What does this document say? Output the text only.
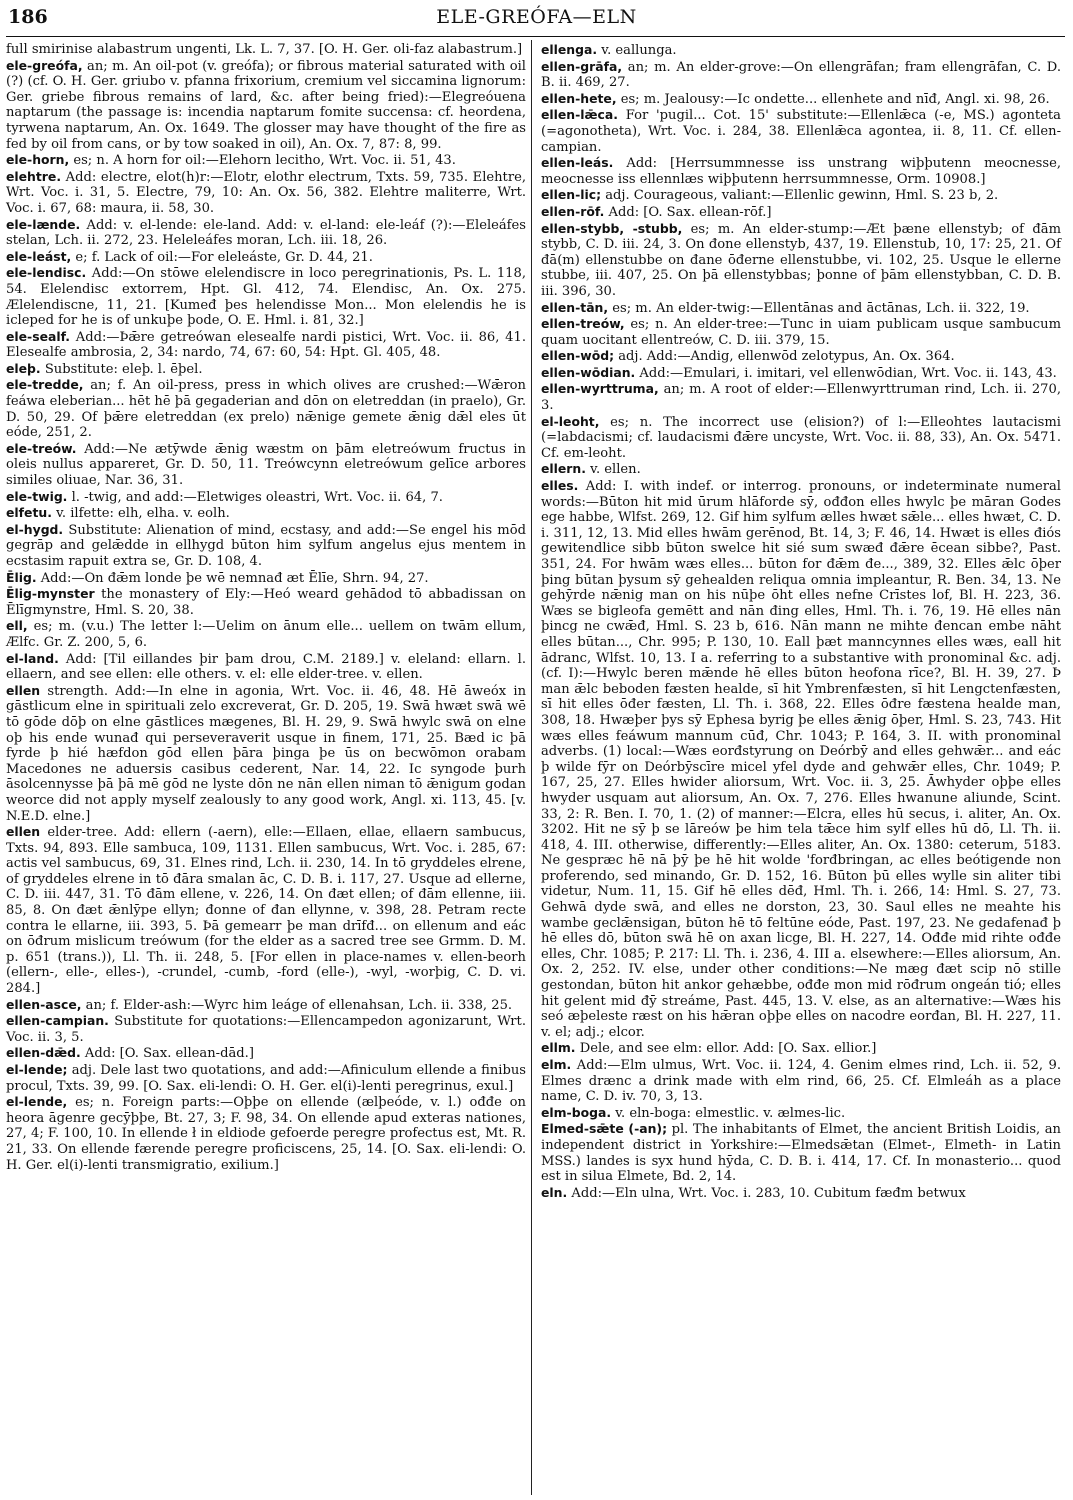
186	ELE-GREÓFA—ELN

full smirinise alabastrum ungenti, Lk. L. 7, 37. [O. H. Ger. oli-faz alabastrum.]

ele-greófa, an; m. An oil-pot (v. greófa); or fibrous material saturated with oil (?) (cf. O. H. Ger. griubo v. pfanna frixorium, cremium vel siccamina lignorum: Ger. griebe fibrous remains of lard, &c. after being fried):—Elegreóuena naptarum (the passage is: incendia naptarum fomite succensa: cf. heordena, tyrwena naptarum, An. Ox. 1649. The glosser may have thought of the fire as fed by oil from cans, or by tow soaked in oil), An. Ox. 7, 87: 8, 99.

ele-horn, es; n. A horn for oil:—Elehorn lecitho, Wrt. Voc. ii. 51, 43.

elehtre. Add: electre, elot(h)r:—Elotr, elothr electrum, Txts. 59, 735. Elehtre, Wrt. Voc. i. 31, 5. Electre, 79, 10: An. Ox. 56, 382. Elehtre maliterre, Wrt. Voc. i. 67, 68: maura, ii. 58, 30.

ele-lænde. Add: v. el-lende: ele-land. Add: v. el-land: ele-leáf (?):—Eleleáfes stelan, Lch. ii. 272, 23. Heleleáfes moran, Lch. iii. 18, 26.

ele-leást, e; f. Lack of oil:—For eleleáste, Gr. D. 44, 21.

ele-lendisc. Add:—On stōwe elelendiscre in loco peregrinationis, Ps. L. 118, 54. Elelendisc extorrem, Hpt. Gl. 412, 74. Elendisc, An. Ox. 275. Ælelendiscne, 11, 21. [Kumeđ þes helendisse Mon... Mon elelendis he is icleped for he is of unkuþe þode, O. E. Hml. i. 81, 32.]

ele-sealf. Add:—Þǣre getreówan elesealfe nardi pistici, Wrt. Voc. ii. 86, 41. Elesealfe ambrosia, 2, 34: nardo, 74, 67: 60, 54: Hpt. Gl. 405, 48.

eleþ. Substitute: eleþ. l. ēþel.

ele-tredde, an; f. An oil-press, press in which olives are crushed:—Wǣron feáwa eleberian... hēt hē þā gegaderian and dōn on eletreddan (in praelo), Gr. D. 50, 29. Of þǣre eletreddan (ex prelo) nǣnige gemete ǣnig dǣl eles ūt eóde, 251, 2.

ele-treów. Add:—Ne ætȳwde ǣnig wæstm on þām eletreówum fructus in oleis nullus appareret, Gr. D. 50, 11. Treówcynn eletreówum gelīce arbores similes oliuae, Nar. 36, 31.

ele-twig. l. -twig, and add:—Eletwiges oleastri, Wrt. Voc. ii. 64, 7.

elfetu. v. ilfette: elh, elha. v. eolh.

el-hygd. Substitute: Alienation of mind, ecstasy, and add:—Se engel his mōd gegrāp and gelǣdde in ellhygd būton him sylfum angelus ejus mentem in ecstasim rapuit extra se, Gr. D. 108, 4.

Ēlig. Add:—On đǣm londe þe wē nemnađ æt Ēlīe, Shrn. 94, 27.

Ēlig-mynster the monastery of Ely:—Heó weard gehādod tō abbadissan on Ēlīgmynstre, Hml. S. 20, 38.

ell, es; m. (v.u.) The letter l:—Uelim on ānum elle... uellem on twām ellum, Ælfc. Gr. Z. 200, 5, 6.

el-land. Add: [Til eillandes þir þam drou, C.M. 2189.] v. eleland: ellarn. l. ellaern, and see ellen: elle others. v. el: elle elder-tree. v. ellen.

ellen strength. Add:—In elne in agonia, Wrt. Voc. ii. 46, 48. Hē āweóx in gāstlicum elne in spirituali zelo excreverat, Gr. D. 205, 19. Swā hwæt swā wē tō gōde dōþ on elne gāstlices mægenes, Bl. H. 29, 9. Swā hwylc swā on elne oþ his ende wunađ qui perseveraverit usque in finem, 171, 25. Bæd ic þā fyrde þ hié hæfdon gōd ellen þāra þinga þe ūs on becwōmon orabam Macedones ne aduersis casibus cederent, Nar. 14, 22. Ic syngode þurh āsolcennysse þā þā mē gōd ne lyste dōn ne nān ellen niman tō ǣnigum godan weorce did not apply myself zealously to any good work, Angl. xi. 113, 45. [v. N.E.D. elne.]

ellen elder-tree. Add: ellern (-aern), elle:—Ellaen, ellae, ellaern sambucus, Txts. 94, 893. Elle sambuca, 109, 1131. Ellen sambucus, Wrt. Voc. i. 285, 67: actis vel sambucus, 69, 31. Elnes rind, Lch. ii. 230, 14. In tō gryddeles elrene, of gryddeles elrene in tō đāra smalan āc, C. D. B. i. 117, 27. Usque ad ellerne, C. D. iii. 447, 31. Tō đām ellene, v. 226, 14. On đæt ellen; of đām ellenne, iii. 85, 8. On đæt ǣnlȳpe ellyn; đonne of đan ellynne, v. 398, 28. Petram recte contra le ellarne, iii. 393, 5. Þā gemearr þe man drīfđ... on ellenum and eác on ōđrum mislicum treówum (for the elder as a sacred tree see Grmm. D. M. p. 651 (trans.)), Ll. Th. ii. 248, 5. [For ellen in place-names v. ellen-beorh (ellern-, elle-, elles-), -crundel, -cumb, -ford (elle-), -wyl, -worþig, C. D. vi. 284.]

ellen-asce, an; f. Elder-ash:—Wyrc him leáge of ellenahsan, Lch. ii. 338, 25.

ellen-campian. Substitute for quotations:—Ellencampedon agonizarunt, Wrt. Voc. ii. 3, 5.

ellen-dǣd. Add: [O. Sax. ellean-dād.]

el-lende; adj. Dele last two quotations, and add:—Afiniculum ellende a finibus procul, Txts. 39, 99. [O. Sax. eli-lendi: O. H. Ger. el(i)-lenti peregrinus, exul.]

el-lende, es; n. Foreign parts:—Oþþe on ellende (ælþeóde, v. l.) ođđe on heora āgenre gecȳþþe, Bt. 27, 3; F. 98, 34. On ellende apud exteras nationes, 27, 4; F. 100, 10. In ellende ł in eldiode gefoerde peregre profectus est, Mt. R. 21, 33. On ellende færende peregre proficiscens, 25, 14. [O. Sax. eli-lendi: O. H. Ger. el(i)-lenti transmigratio, exilium.]

ellenga. v. eallunga.

ellen-grāfa, an; m. An elder-grove:—On ellengrāfan; fram ellengrāfan, C. D. B. ii. 469, 27.

ellen-hete, es; m. Jealousy:—Ic ondette... ellenhete and nīđ, Angl. xi. 98, 26.

ellen-lǣca. For 'pugil... Cot. 15' substitute:—Ellenlǣca (-e, MS.) agonteta (=agonotheta), Wrt. Voc. i. 284, 38. Ellenlǣca agontea, ii. 8, 11. Cf. ellen-campian.

ellen-leás. Add: [Herrsummnesse iss unstrang wiþþutenn meocnesse, meocnesse iss ellennlæs wiþþutenn herrsummnesse, Orm. 10908.]

ellen-lic; adj. Courageous, valiant:—Ellenlic gewinn, Hml. S. 23 b, 2.

ellen-rōf. Add: [O. Sax. ellean-rōf.]

ellen-stybb, -stubb, es; m. An elder-stump:—Æt þæne ellenstyb; of đām stybb, C. D. iii. 24, 3. On đone ellenstyb, 437, 19. Ellenstub, 10, 17: 25, 21. Of đā(m) ellenstubbe on đane ōđerne ellenstubbe, vi. 102, 25. Usque le ellerne stubbe, iii. 407, 25. On þā ellenstybbas; þonne of þām ellenstybban, C. D. B. iii. 396, 30.

ellen-tān, es; m. An elder-twig:—Ellentānas and āctānas, Lch. ii. 322, 19.

ellen-treów, es; n. An elder-tree:—Tunc in uiam publicam usque sambucum quam uocitant ellentreów, C. D. iii. 379, 15.

ellen-wōd; adj. Add:—Andig, ellenwōd zelotypus, An. Ox. 364.

ellen-wōdian. Add:—Emulari, i. imitari, vel ellenwōdian, Wrt. Voc. ii. 143, 43.

ellen-wyrttruma, an; m. A root of elder:—Ellenwyrttruman rind, Lch. ii. 270, 3.

el-leoht, es; n. The incorrect use (elision?) of l:—Elleohtes lautacismi (=labdacismi; cf. laudacismi đǣre uncyste, Wrt. Voc. ii. 88, 33), An. Ox. 5471. Cf. em-leoht.

ellern. v. ellen.

elles. Add: I. with indef. or interrog. pronouns, or indeterminate numeral words:—Būton hit mid ūrum hlāforde sȳ, ođđon elles hwylc þe māran Godes ege habbe, Wlfst. 269, 12. Gif him sylfum ælles hwæt sǣle... elles hwæt, C. D. i. 311, 12, 13. Mid elles hwām gerēnod, Bt. 14, 3; F. 46, 14. Hwæt is elles điós gewitendlice sibb būton swelce hit sié sum swæđ đǣre ēcean sibbe?, Past. 351, 24. For hwām wæs elles... būton for đǣm đe..., 389, 32. Elles ǣlc ōþer þing būtan þysum sȳ gehealden reliqua omnia impleantur, R. Ben. 34, 13. Ne gehȳrde nǣnig man on his nūþe ōht elles nefne Crīstes lof, Bl. H. 223, 36. Wæs se bigleofa gemētt and nān đing elles, Hml. Th. i. 76, 19. Hē elles nān þincg ne cwǣđ, Hml. S. 23 b, 616. Nān mann ne mihte đencan embe nāht elles būtan..., Chr. 995; P. 130, 10. Eall þæt manncynnes elles wæs, eall hit ādranc, Wlfst. 10, 13. I a. referring to a substantive with pronominal &c. adj. (cf. I):—Hwylc beren mǣnde hē elles būton heofona rīce?, Bl. H. 39, 27. Þ man ǣlc beboden fæsten healde, sī hit Ymbrenfæsten, sī hit Lengctenfæsten, sī hit elles ōđer fæsten, Ll. Th. i. 368, 22. Elles ōđre fæstena healde man, 308, 18. Hwæþer þys sȳ Ephesa byrig þe elles ǣnig ōþer, Hml. S. 23, 743. Hit wæs elles feáwum mannum cūđ, Chr. 1043; P. 164, 3. II. with pronominal adverbs. (1) local:—Wæs eorđstyrung on Deórbȳ and elles gehwǣr... and eác þ wilde fȳr on Deórbȳscīre micel yfel dyde and gehwǣr elles, Chr. 1049; P. 167, 25, 27. Elles hwider aliorsum, Wrt. Voc. ii. 3, 25. Āwhyder oþþe elles hwyder usquam aut aliorsum, An. Ox. 7, 276. Elles hwanune aliunde, Scint. 33, 2: R. Ben. I. 70, 1. (2) of manner:—Elcra, elles hū secus, i. aliter, An. Ox. 3202. Hit ne sȳ þ se lāreów þe him tela tǣce him sylf elles hū dō, Ll. Th. ii. 418, 4. III. otherwise, differently:—Elles aliter, An. Ox. 1380: ceterum, 5183. Ne gespræc hē nā þȳ þe hē hit wolde 'forđbringan, ac elles beótigende non proferendo, sed minando, Gr. D. 152, 16. Būton þū elles wylle sin aliter tibi videtur, Num. 11, 15. Gif hē elles dēđ, Hml. Th. i. 266, 14: Hml. S. 27, 73. Gehwā dyde swā, and elles ne dorston, 23, 30. Saul elles ne meahte his wambe geclǣnsigan, būton hē tō feltūne eóde, Past. 197, 23. Ne gedafenađ þ hē elles dō, būton swā hē on axan licge, Bl. H. 227, 14. Ođđe mid rihte ođđe elles, Chr. 1085; P. 217: Ll. Th. i. 236, 4. III a. elsewhere:—Elles aliorsum, An. Ox. 2, 252. IV. else, under other conditions:—Ne mæg đæt scip nō stille gestondan, būton hit ankor gehæbbe, ođđe mon mid rōđrum ongeán tió; elles hit gelent mid đȳ streáme, Past. 445, 13. V. else, as an alternative:—Wæs his seó æþeleste ræst on his hǣran oþþe elles on nacodre eorđan, Bl. H. 227, 11. v. el; adj.; elcor.

ellm. Dele, and see elm: ellor. Add: [O. Sax. ellior.]

elm. Add:—Elm ulmus, Wrt. Voc. ii. 124, 4. Genim elmes rind, Lch. ii. 52, 9. Elmes drænc a drink made with elm rind, 66, 25. Cf. Elmleáh as a place name, C. D. iv. 70, 3, 13.

elm-boga. v. eln-boga: elmestlic. v. ælmes-lic.

Elmed-sǣte (-an); pl. The inhabitants of Elmet, the ancient British Loidis, an independent district in Yorkshire:—Elmedsǣtan (Elmet-, Elmeth- in Latin MSS.) landes is syx hund hȳda, C. D. B. i. 414, 17. Cf. In monasterio... quod est in silua Elmete, Bd. 2, 14.

eln. Add:—Eln ulna, Wrt. Voc. i. 283, 10. Cubitum fæđm betwux
